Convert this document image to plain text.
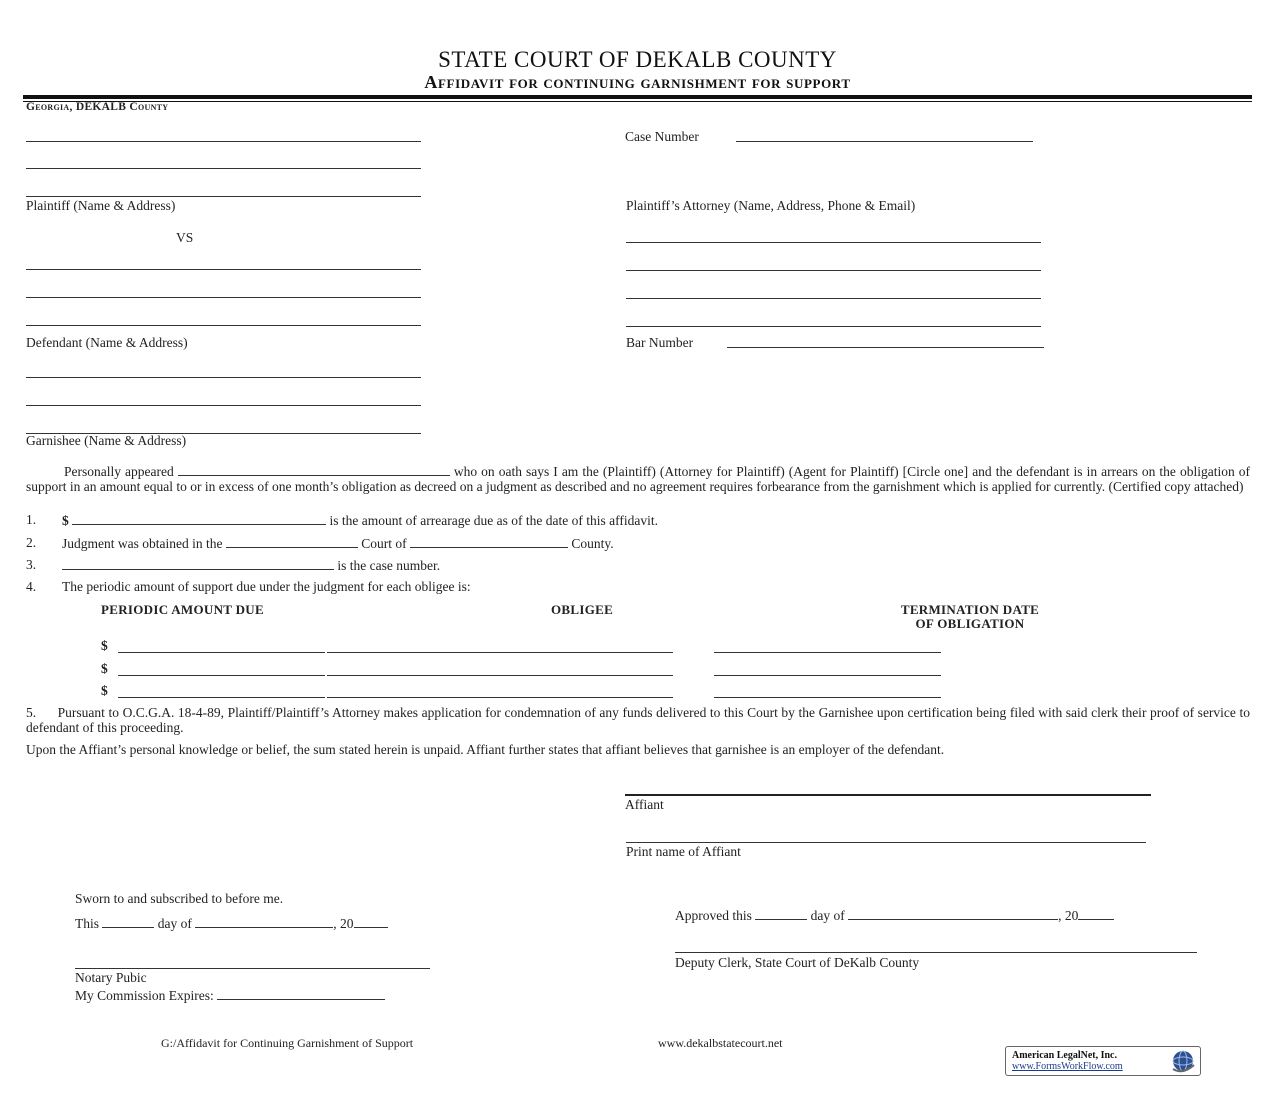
STATE COURT OF DEKALB COUNTY
Affidavit for continuing garnishment for support
Georgia, DEKALB County
Plaintiff (Name & Address)
VS
Defendant (Name & Address)
Garnishee (Name & Address)
Case Number
Plaintiff’s Attorney (Name, Address, Phone & Email)
Bar Number
Personally appeared	who on oath says I am the (Plaintiff) (Attorney for Plaintiff) (Agent for Plaintiff) [Circle one] and the defendant is in arrears on the obligation of support in an amount equal to or in excess of one month’s obligation as decreed on a judgment as described and no agreement requires forbearance from the garnishment which is applied for currently. (Certified copy attached)
1. $	is the amount of arrearage due as of the date of this affidavit.
2. Judgment was obtained in the	Court of	County.
3.	is the case number.
4. The periodic amount of support due under the judgment for each obligee is:
PERIODIC AMOUNT DUE	OBLIGEE	TERMINATION DATE
OF OBLIGATION
$
$
$
5. Pursuant to O.C.G.A. 18-4-89, Plaintiff/Plaintiff’s Attorney makes application for condemnation of any funds delivered to this Court by the Garnishee upon certification being filed with said clerk their proof of service to defendant of this proceeding.
Upon the Affiant’s personal knowledge or belief, the sum stated herein is unpaid. Affiant further states that affiant believes that garnishee is an employer of the defendant.
Affiant
Print name of Affiant
Sworn to and subscribed to before me.
This	day of	, 20
Notary Pubic
My Commission Expires:
Approved this	day of	, 20
Deputy Clerk, State Court of DeKalb County
G:/Affidavit for Continuing Garnishment of Support	www.dekalbstatecourt.net
American LegalNet, Inc.
www.FormsWorkFlow.com
